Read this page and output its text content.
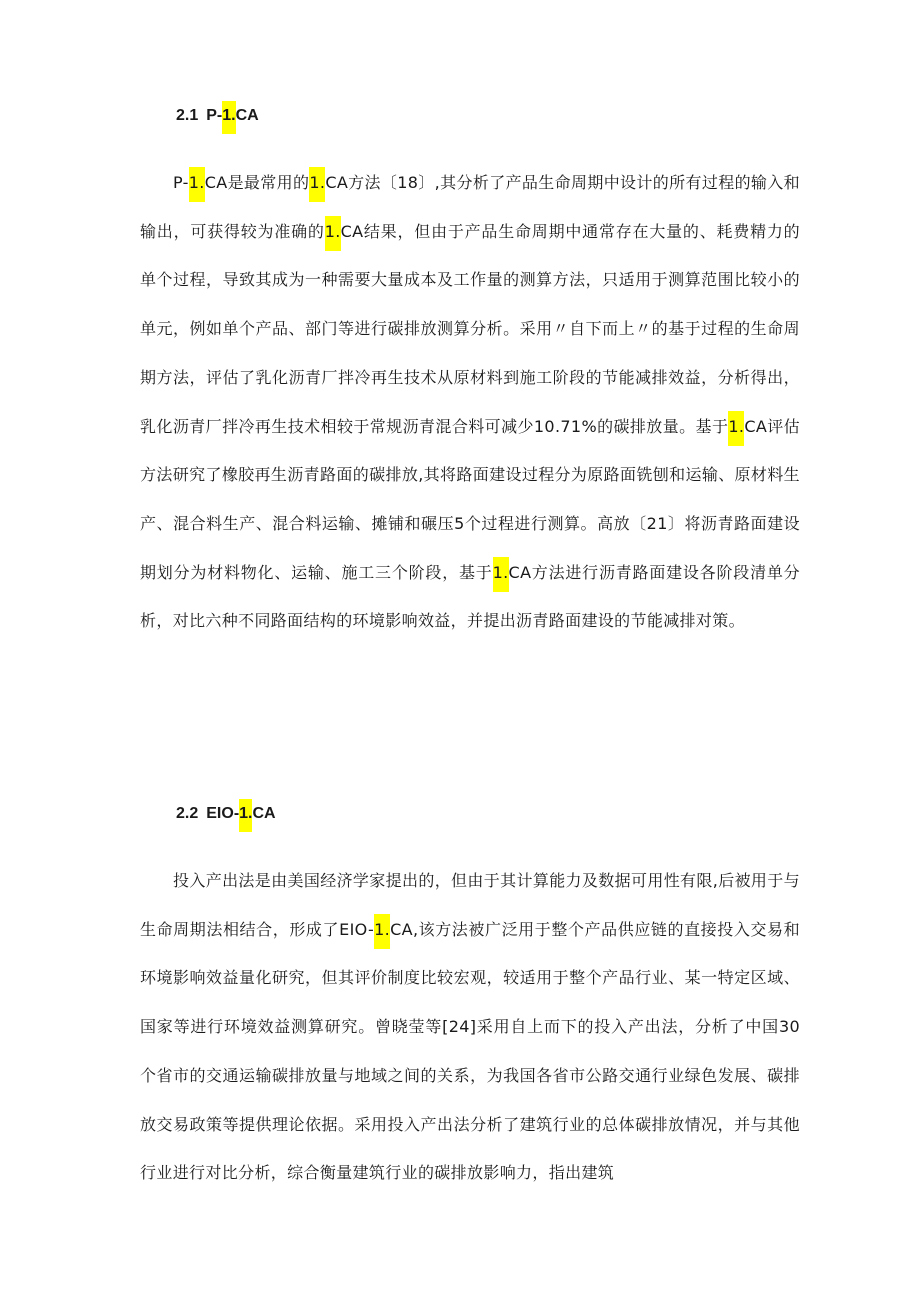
2.1 P-1.CA

P-1.CA是最常用的1.CA方法〔18〕,其分析了产品生命周期中设计的所有过程的输入和输出，可获得较为准确的1.CA结果，但由于产品生命周期中通常存在大量的、耗费精力的单个过程，导致其成为一种需要大量成本及工作量的测算方法，只适用于测算范围比较小的单元，例如单个产品、部门等进行碳排放测算分析。采用〃自下而上〃的基于过程的生命周期方法，评估了乳化沥青厂拌冷再生技术从原材料到施工阶段的节能减排效益，分析得出，乳化沥青厂拌冷再生技术相较于常规沥青混合料可减少10.71%的碳排放量。基于1.CA评估方法研究了橡胶再生沥青路面的碳排放,其将路面建设过程分为原路面铣刨和运输、原材料生产、混合料生产、混合料运输、摊铺和碾压5个过程进行测算。高放〔21〕将沥青路面建设期划分为材料物化、运输、施工三个阶段，基于1.CA方法进行沥青路面建设各阶段清单分析，对比六种不同路面结构的环境影响效益，并提出沥青路面建设的节能减排对策。

2.2 EIO-1.CA

投入产出法是由美国经济学家提出的，但由于其计算能力及数据可用性有限,后被用于与生命周期法相结合，形成了EIO-1.CA,该方法被广泛用于整个产品供应链的直接投入交易和环境影响效益量化研究，但其评价制度比较宏观，较适用于整个产品行业、某一特定区域、国家等进行环境效益测算研究。曾晓莹等[24]采用自上而下的投入产出法，分析了中国30个省市的交通运输碳排放量与地域之间的关系，为我国各省市公路交通行业绿色发展、碳排放交易政策等提供理论依据。采用投入产出法分析了建筑行业的总体碳排放情况，并与其他行业进行对比分析，综合衡量建筑行业的碳排放影响力，指出建筑
